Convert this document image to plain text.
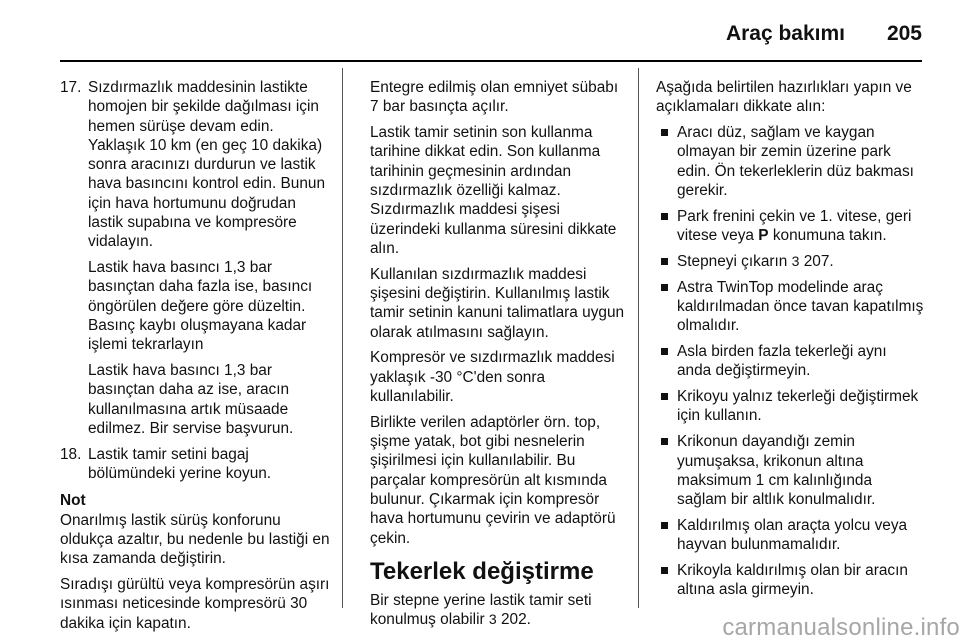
Araç bakımı 205
17. Sızdırmazlık maddesinin lastikte homojen bir şekilde dağılması için hemen sürüşe devam edin. Yaklaşık 10 km (en geç 10 dakika) sonra aracınızı durdurun ve lastik hava basıncını kontrol edin. Bunun için hava hortumunu doğrudan lastik supabına ve kompresöre vidalayın.

Lastik hava basıncı 1,3 bar basınçtan daha fazla ise, basıncı öngörülen değere göre düzeltin. Basınç kaybı oluşmayana kadar işlemi tekrarlayın

Lastik hava basıncı 1,3 bar basınçtan daha az ise, aracın kullanılmasına artık müsaade edilmez. Bir servise başvurun.

18. Lastik tamir setini bagaj bölümündeki yerine koyun.

Not

Onarılmış lastik sürüş konforunu oldukça azaltır, bu nedenle bu lastiği en kısa zamanda değiştirin.

Sıradışı gürültü veya kompresörün aşırı ısınması neticesinde kompresörü 30 dakika için kapatın.

Entegre edilmiş olan emniyet sübabı 7 bar basınçta açılır.

Lastik tamir setinin son kullanma tarihine dikkat edin. Son kullanma tarihinin geçmesinin ardından sızdırmazlık özelliği kalmaz. Sızdırmazlık maddesi şişesi üzerindeki kullanma süresini dikkate alın.

Kullanılan sızdırmazlık maddesi şişesini değiştirin. Kullanılmış lastik tamir setinin kanuni talimatlara uygun olarak atılmasını sağlayın.

Kompresör ve sızdırmazlık maddesi yaklaşık -30 °C'den sonra kullanılabilir.

Birlikte verilen adaptörler örn. top, şişme yatak, bot gibi nesnelerin şişirilmesi için kullanılabilir. Bu parçalar kompresörün alt kısmında bulunur. Çıkarmak için kompresör hava hortumunu çevirin ve adaptörü çekin.

Tekerlek değiştirme

Bir stepne yerine lastik tamir seti konulmuş olabilir 3 202.

Aşağıda belirtilen hazırlıkları yapın ve açıklamaları dikkate alın:

Aracı düz, sağlam ve kaygan olmayan bir zemin üzerine park edin. Ön tekerleklerin düz bakması gerekir.
Park frenini çekin ve 1. vitese, geri vitese veya P konumuna takın.
Stepneyi çıkarın 3 207.
Astra TwinTop modelinde araç kaldırılmadan önce tavan kapatılmış olmalıdır.
Asla birden fazla tekerleği aynı anda değiştirmeyin.
Krikoyu yalnız tekerleği değiştirmek için kullanın.
Krikonun dayandığı zemin yumuşaksa, krikonun altına maksimum 1 cm kalınlığında sağlam bir altlık konulmalıdır.
Kaldırılmış olan araçta yolcu veya hayvan bulunmamalıdır.
Krikoyla kaldırılmış olan bir aracın altına asla girmeyin.
carmanualsonline.info
